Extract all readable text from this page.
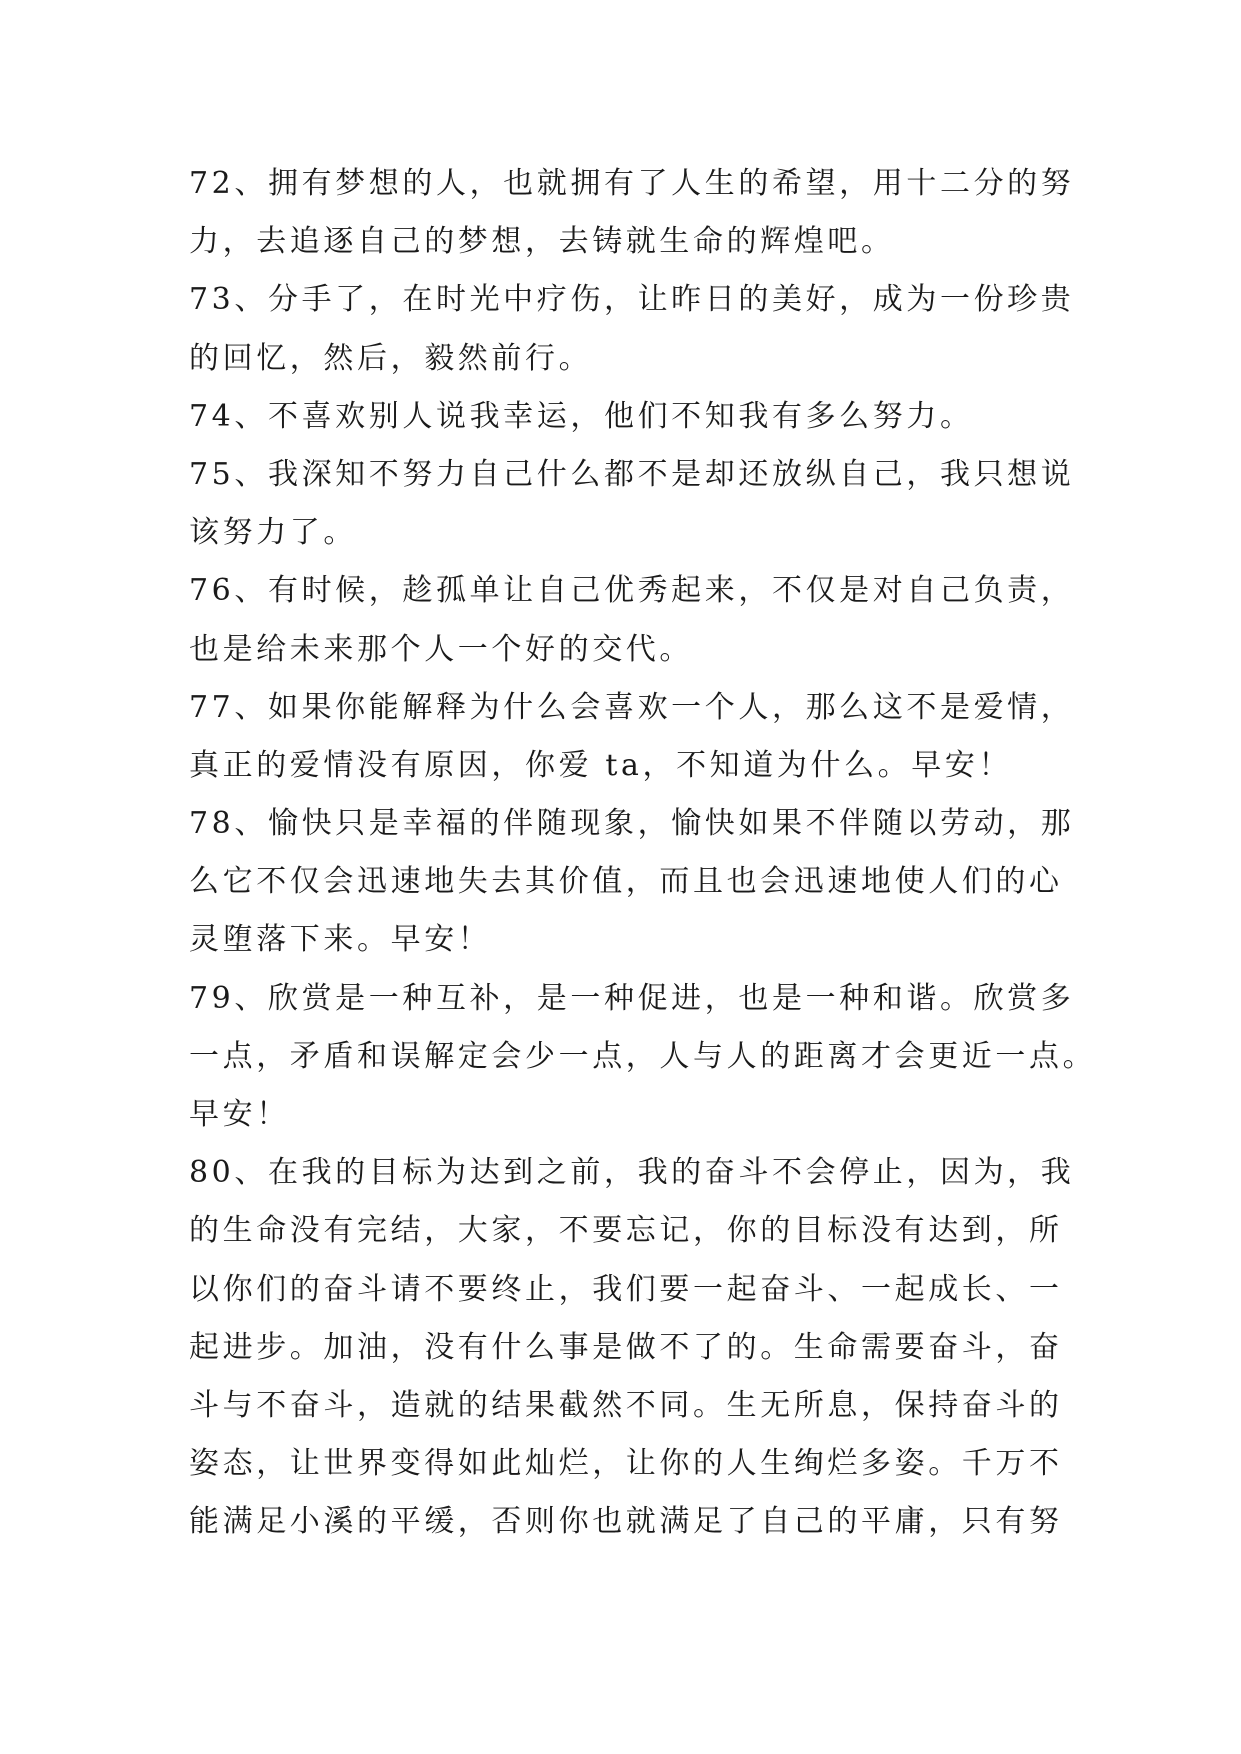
72、拥有梦想的人，也就拥有了人生的希望，用十二分的努
力，去追逐自己的梦想，去铸就生命的辉煌吧。
73、分手了，在时光中疗伤，让昨日的美好，成为一份珍贵
的回忆，然后，毅然前行。
74、不喜欢别人说我幸运，他们不知我有多么努力。
75、我深知不努力自己什么都不是却还放纵自己，我只想说
该努力了。
76、有时候，趁孤单让自己优秀起来，不仅是对自己负责，
也是给未来那个人一个好的交代。
77、如果你能解释为什么会喜欢一个人，那么这不是爱情，
真正的爱情没有原因，你爱 ta，不知道为什么。早安！
78、愉快只是幸福的伴随现象，愉快如果不伴随以劳动，那
么它不仅会迅速地失去其价值，而且也会迅速地使人们的心
灵堕落下来。早安！
79、欣赏是一种互补，是一种促进，也是一种和谐。欣赏多
一点，矛盾和误解定会少一点，人与人的距离才会更近一点。
早安！
80、在我的目标为达到之前，我的奋斗不会停止，因为，我
的生命没有完结，大家，不要忘记，你的目标没有达到，所
以你们的奋斗请不要终止，我们要一起奋斗、一起成长、一
起进步。加油，没有什么事是做不了的。生命需要奋斗，奋
斗与不奋斗，造就的结果截然不同。生无所息，保持奋斗的
姿态，让世界变得如此灿烂，让你的人生绚烂多姿。千万不
能满足小溪的平缓，否则你也就满足了自己的平庸，只有努
